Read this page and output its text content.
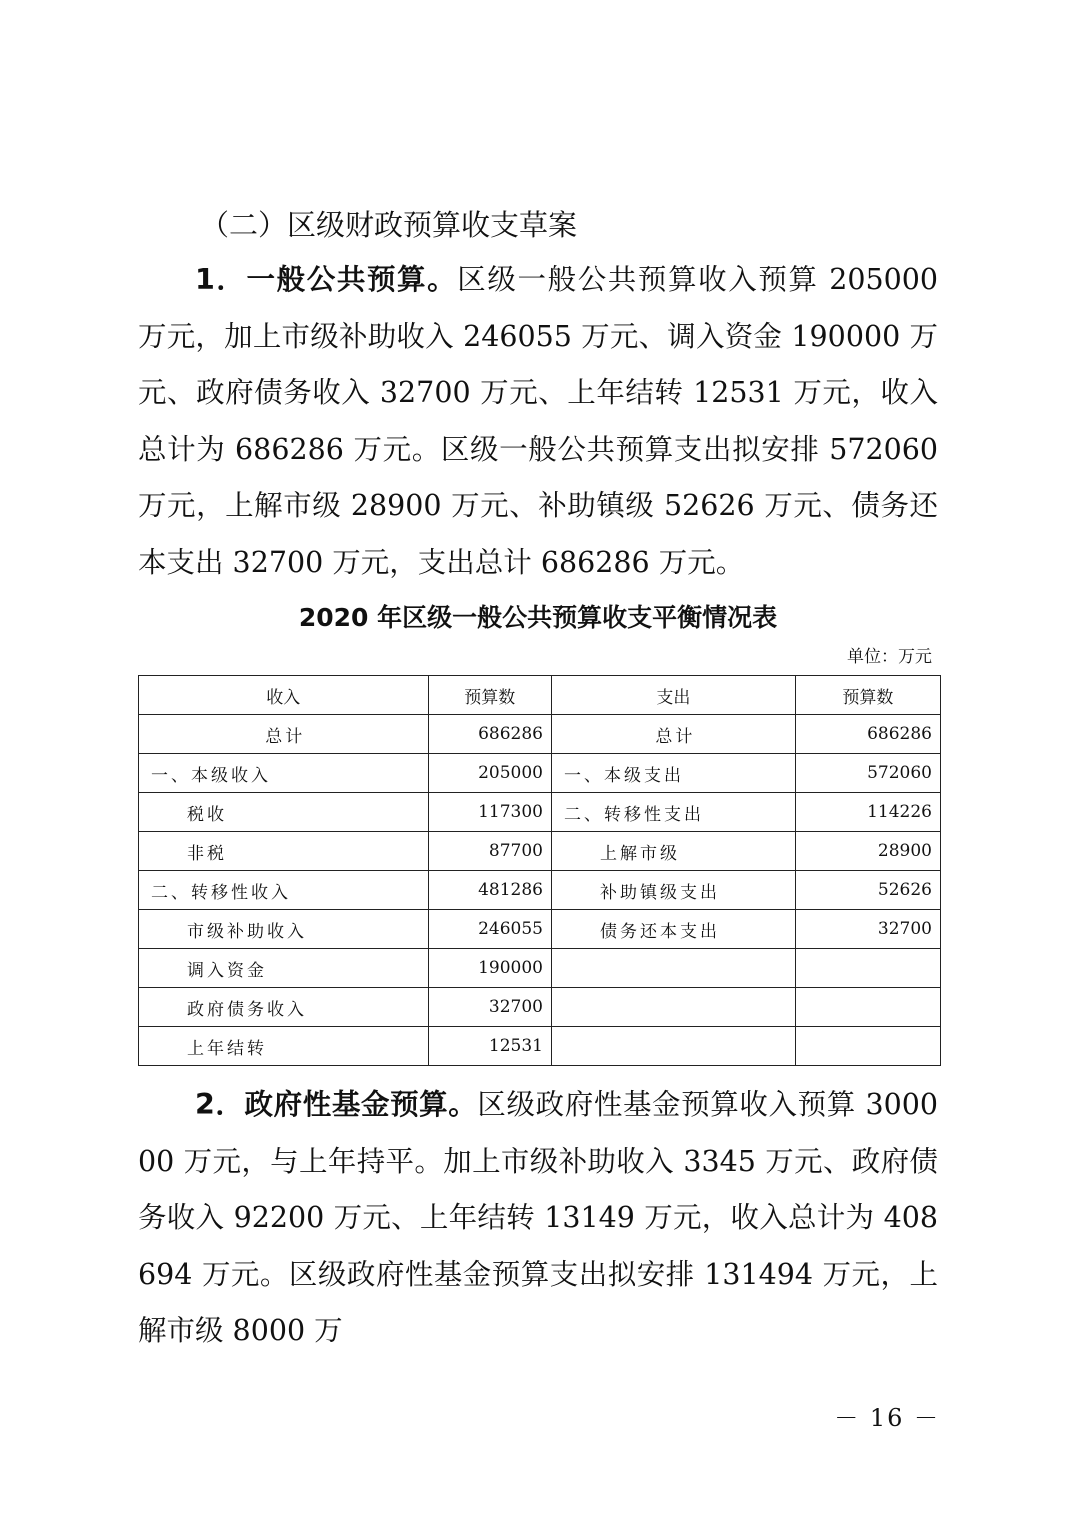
（二）区级财政预算收支草案

1．一般公共预算。区级一般公共预算收入预算 205000 万元，加上市级补助收入 246055 万元、调入资金 190000 万元、政府债务收入 32700 万元、上年结转 12531 万元，收入总计为 686286 万元。区级一般公共预算支出拟安排 572060 万元，上解市级 28900 万元、补助镇级 52626 万元、债务还本支出 32700 万元，支出总计 686286 万元。

2020 年区级一般公共预算收支平衡情况表
单位：万元
收入	预算数	支出	预算数
总计	686286	总计	686286
一、本级收入	205000	一、本级支出	572060
税收	117300	二、转移性支出	114226
非税	87700	上解市级	28900
二、转移性收入	481286	补助镇级支出	52626
市级补助收入	246055	债务还本支出	32700
调入资金	190000		
政府债务收入	32700		
上年结转	12531		

2．政府性基金预算。区级政府性基金预算收入预算 300000 万元，与上年持平。加上市级补助收入 3345 万元、政府债务收入 92200 万元、上年结转 13149 万元，收入总计为 408694 万元。区级政府性基金预算支出拟安排 131494 万元，上解市级 8000 万

－ 16 －
